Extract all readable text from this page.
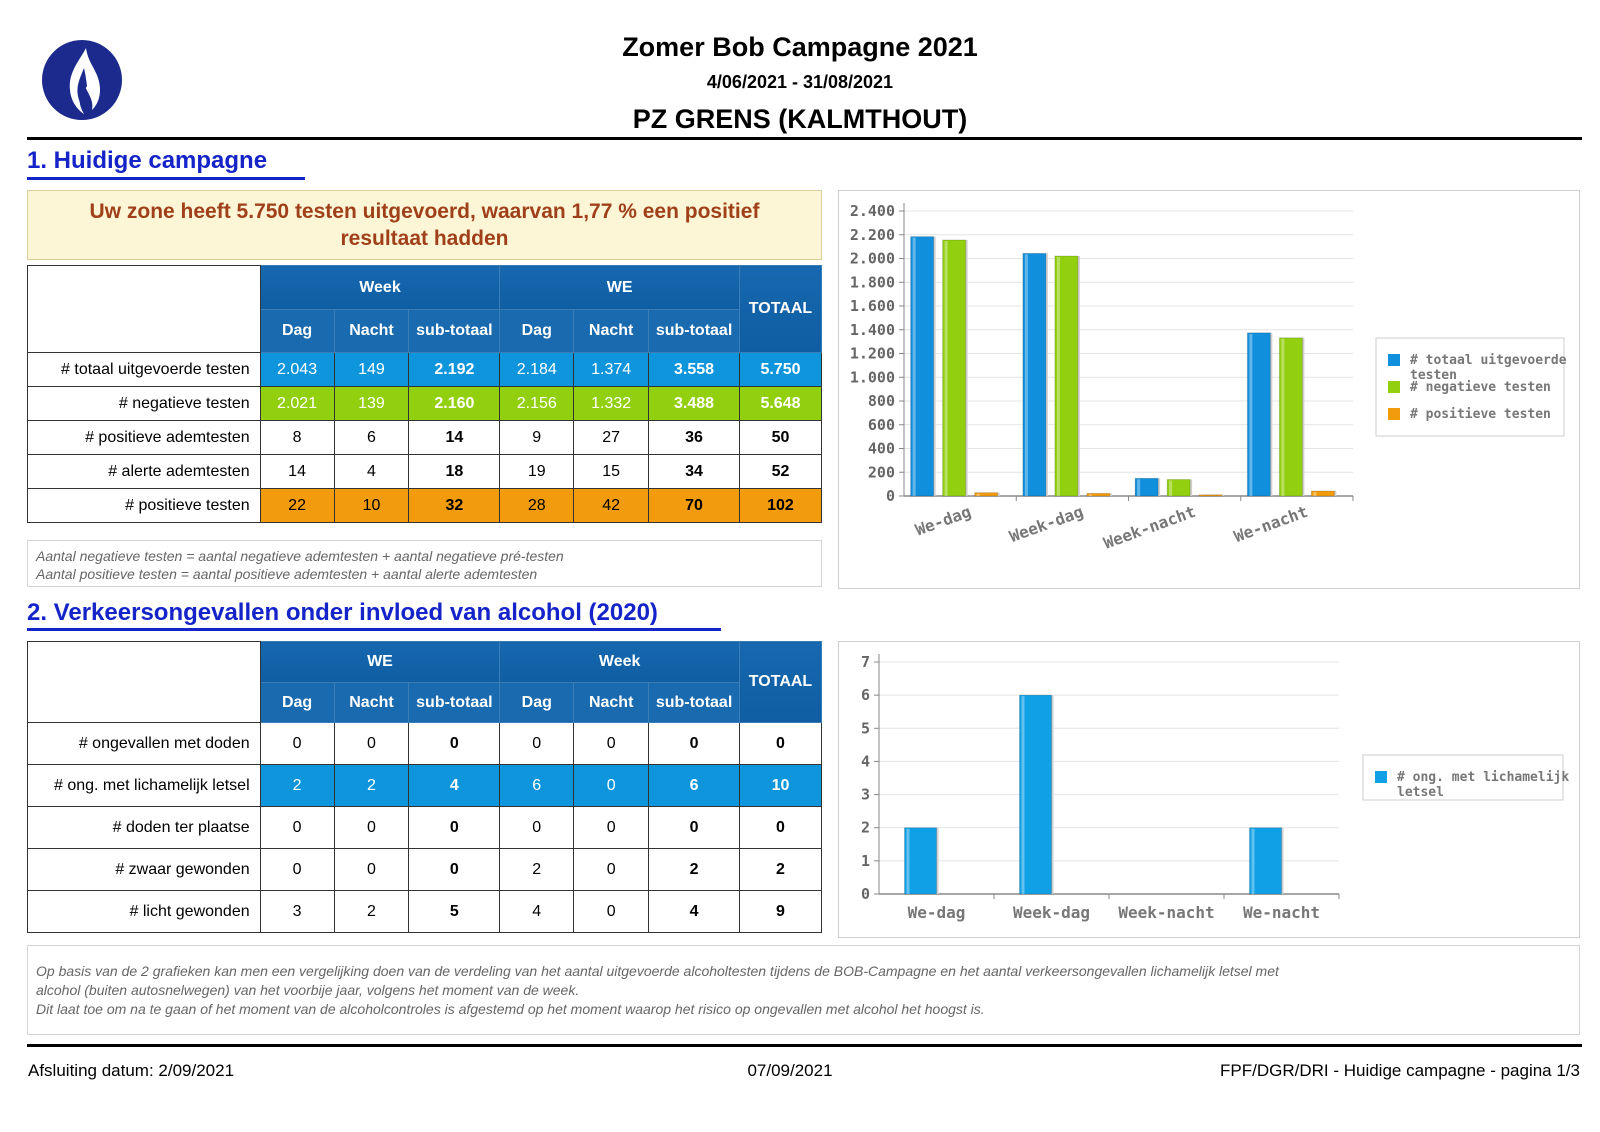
Zomer Bob Campagne 2021
4/06/2021 - 31/08/2021
PZ GRENS (KALMTHOUT)
1. Huidige campagne
Uw zone heeft 5.750 testen uitgevoerd, waarvan 1,77 % een positief resultaat hadden
	Week			WE			TOTAAL
	Dag	Nacht	sub-totaal	Dag	Nacht	sub-totaal	
# totaal uitgevoerde testen	2.043	149	2.192	2.184	1.374	3.558	5.750
# negatieve testen	2.021	139	2.160	2.156	1.332	3.488	5.648
# positieve ademtesten	8	6	14	9	27	36	50
# alerte ademtesten	14	4	18	19	15	34	52
# positieve testen	22	10	32	28	42	70	102
Aantal negatieve testen = aantal negatieve ademtesten + aantal negatieve pré-testen
Aantal positieve testen = aantal positieve ademtesten + aantal alerte ademtesten
0
200
400
600
800
1.000
1.200
1.400
1.600
1.800
2.000
2.200
2.400
We-dag Week-dag Week-nacht We-nacht
# totaal uitgevoerde
testen
# negatieve testen
# positieve testen
2. Verkeersongevallen onder invloed van alcohol (2020)
	WE			Week			TOTAAL
	Dag	Nacht	sub-totaal	Dag	Nacht	sub-totaal	
# ongevallen met doden	0	0	0	0	0	0	0
# ong. met lichamelijk letsel	2	2	4	6	0	6	10
# doden ter plaatse	0	0	0	0	0	0	0
# zwaar gewonden	0	0	0	2	0	2	2
# licht gewonden	3	2	5	4	0	4	9
0
1
2
3
4
5
6
7
We-dag	Week-dag Week-nacht We-nacht
# ong. met lichamelijk
letsel
Op basis van de 2 grafieken kan men een vergelijking doen van de verdeling van het aantal uitgevoerde alcoholtesten tijdens de BOB-Campagne en het aantal verkeersongevallen lichamelijk letsel met
alcohol (buiten autosnelwegen) van het voorbije jaar, volgens het moment van de week.
Dit laat toe om na te gaan of het moment van de alcoholcontroles is afgestemd op het moment waarop het risico op ongevallen met alcohol het hoogst is.
Afsluiting datum: 2/09/2021	07/09/2021	FPF/DGR/DRI - Huidige campagne - pagina 1/3
